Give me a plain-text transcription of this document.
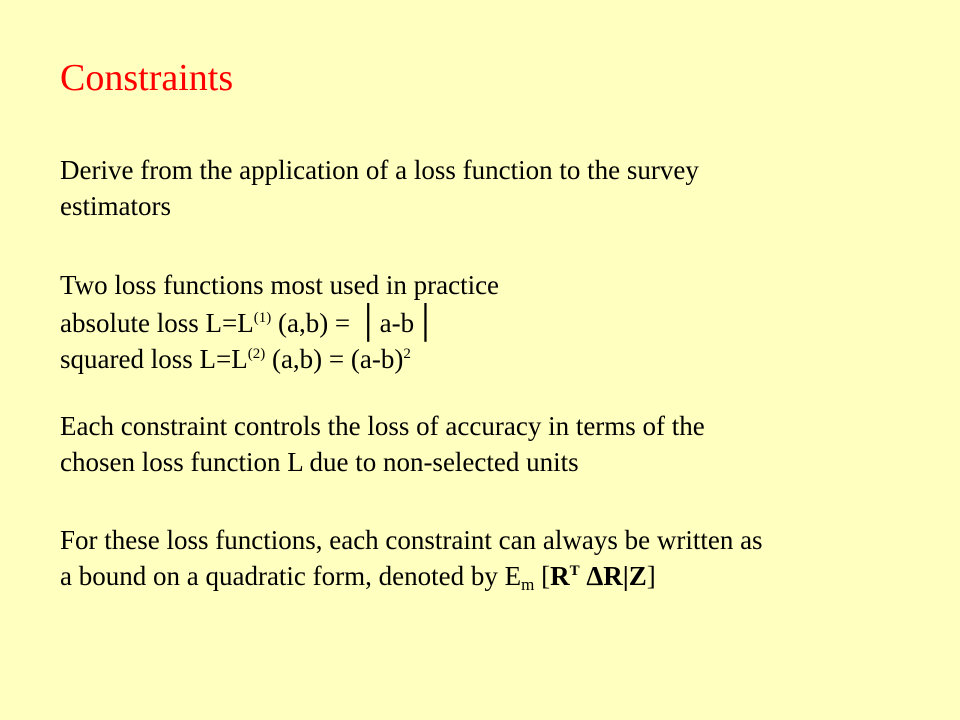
Constraints
Derive from the application of a loss function to the survey
estimators
Two loss functions most used in practice
absolute loss $L=L^{(1)}$ (a,b) = │a-b│
squared loss $L=L^{(2)}$ $(a,b) = (a-b)^2$
Each constraint controls the loss of accuracy in terms of the
chosen loss function L due to non-selected units
For these loss functions, each constraint can always be written as
a bound on a quadratic form, denoted by $E_m$ [$R^T$ ΔR|Z]
